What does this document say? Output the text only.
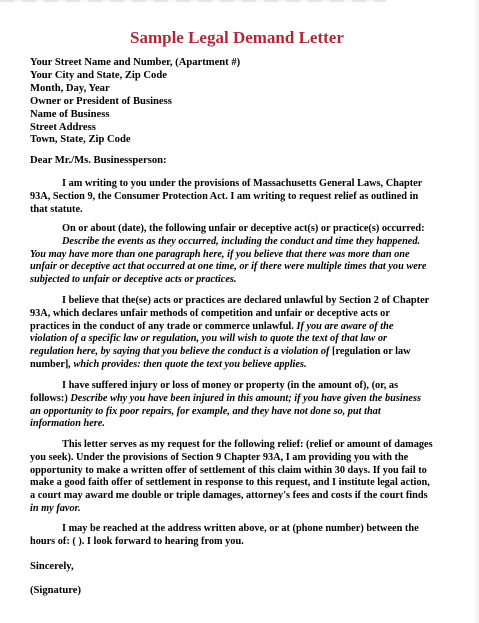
Sample Legal Demand Letter
Your Street Name and Number, (Apartment #)
Your City and State, Zip Code
Month, Day, Year
Owner or President of Business
Name of Business
Street Address
Town, State, Zip Code
Dear Mr./Ms. Businessperson:
I am writing to you under the provisions of Massachusetts General Laws, Chapter
93A, Section 9, the Consumer Protection Act. I am writing to request relief as outlined in
that statute.
On or about (date), the following unfair or deceptive act(s) or practice(s) occurred:
Describe the events as they occurred, including the conduct and time they happened.
You may have more than one paragraph here, if you believe that there was more than one
unfair or deceptive act that occurred at one time, or if there were multiple times that you were
subjected to unfair or deceptive acts or practices.
I believe that the(se) acts or practices are declared unlawful by Section 2 of Chapter
93A, which declares unfair methods of competition and unfair or deceptive acts or
practices in the conduct of any trade or commerce unlawful. If you are aware of the
violation of a specific law or regulation, you will wish to quote the text of that law or
regulation here, by saying that you believe the conduct is a violation of [regulation or law
number], which provides: then quote the text you believe applies.
I have suffered injury or loss of money or property (in the amount of), (or, as
follows:) Describe why you have been injured in this amount; if you have given the business
an opportunity to fix poor repairs, for example, and they have not done so, put that
information here.
This letter serves as my request for the following relief: (relief or amount of damages
you seek). Under the provisions of Section 9 Chapter 93A, I am providing you with the
opportunity to make a written offer of settlement of this claim within 30 days. If you fail to
make a good faith offer of settlement in response to this request, and I institute legal action,
a court may award me double or triple damages, attorney's fees and costs if the court finds
in my favor.
I may be reached at the address written above, or at (phone number) between the
hours of: ( ). I look forward to hearing from you.
Sincerely,
(Signature)
